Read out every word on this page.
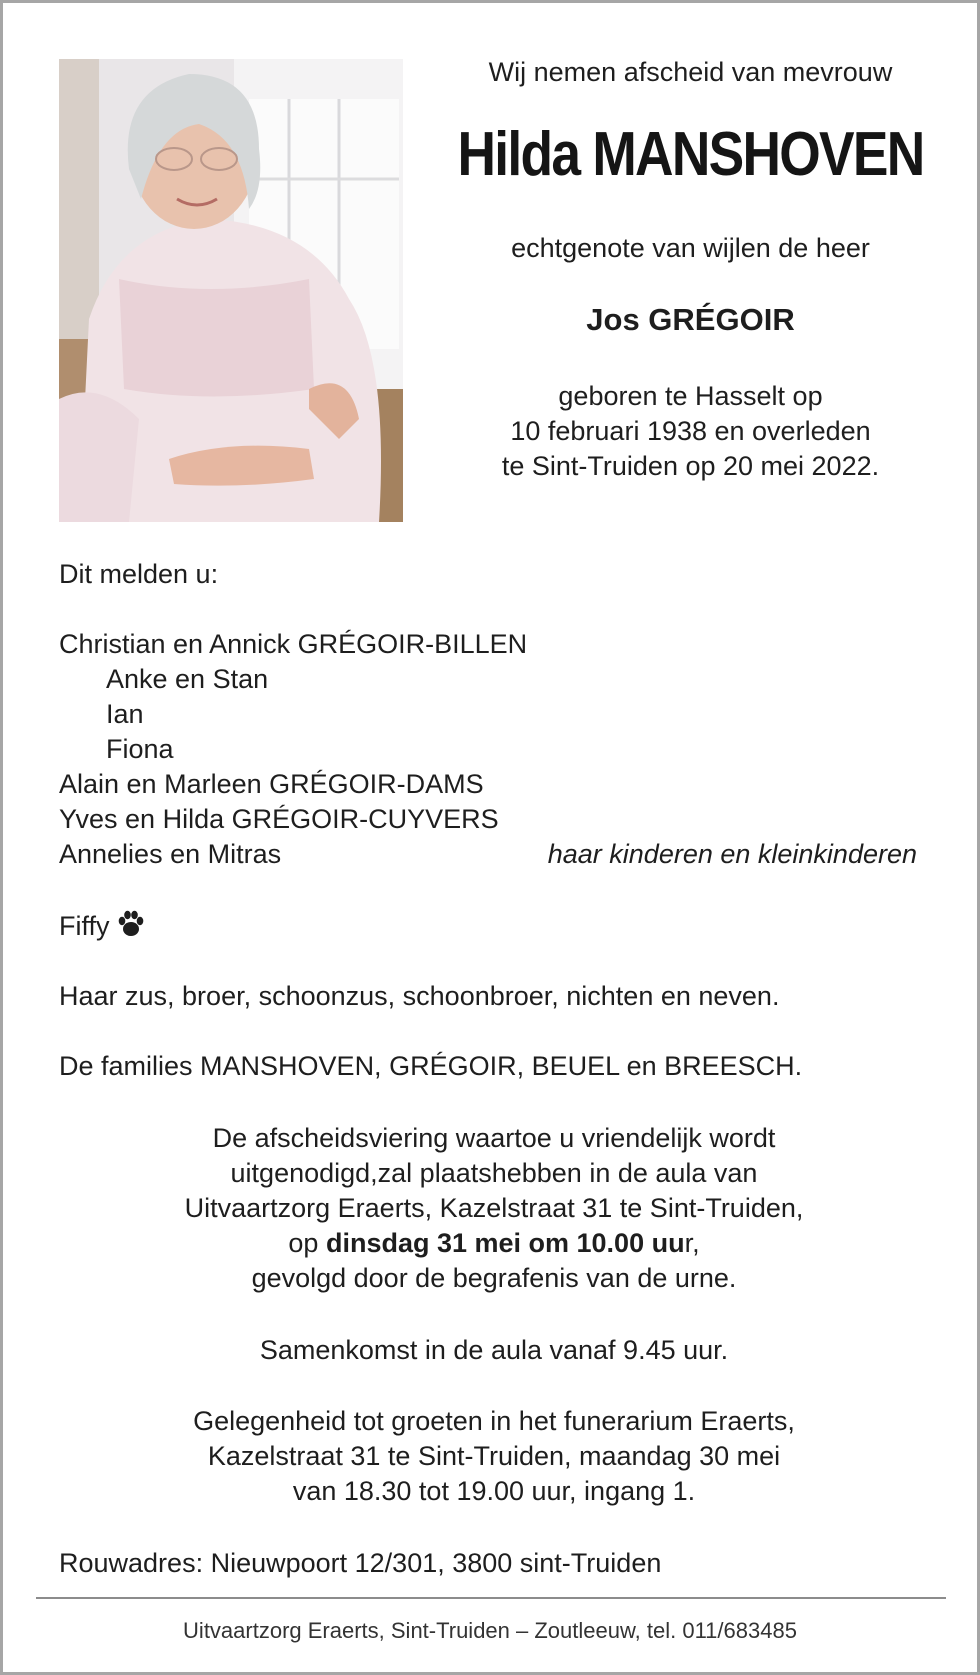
Wij nemen afscheid van mevrouw
Hilda MANSHOVEN
echtgenote van wijlen de heer
Jos GRÉGOIR
geboren te Hasselt op
10 februari 1938 en overleden
te Sint-Truiden op 20 mei 2022.
Dit melden u:
Christian en Annick GRÉGOIR-BILLEN
Anke en Stan
Ian
Fiona
Alain en Marleen GRÉGOIR-DAMS
Yves en Hilda GRÉGOIR-CUYVERS
Annelies en Mitras	haar kinderen en kleinkinderen
Fiffy
Haar zus, broer, schoonzus, schoonbroer, nichten en neven.
De families MANSHOVEN, GRÉGOIR, BEUEL en BREESCH.
De afscheidsviering waartoe u vriendelijk wordt
uitgenodigd,zal plaatshebben in de aula van
Uitvaartzorg Eraerts, Kazelstraat 31 te Sint-Truiden,
op dinsdag 31 mei om 10.00 uur,
gevolgd door de begrafenis van de urne.
Samenkomst in de aula vanaf 9.45 uur.
Gelegenheid tot groeten in het funerarium Eraerts,
Kazelstraat 31 te Sint-Truiden, maandag 30 mei
van 18.30 tot 19.00 uur, ingang 1.
Rouwadres: Nieuwpoort 12/301, 3800 sint-Truiden
Uitvaartzorg Eraerts, Sint-Truiden – Zoutleeuw, tel. 011/683485
